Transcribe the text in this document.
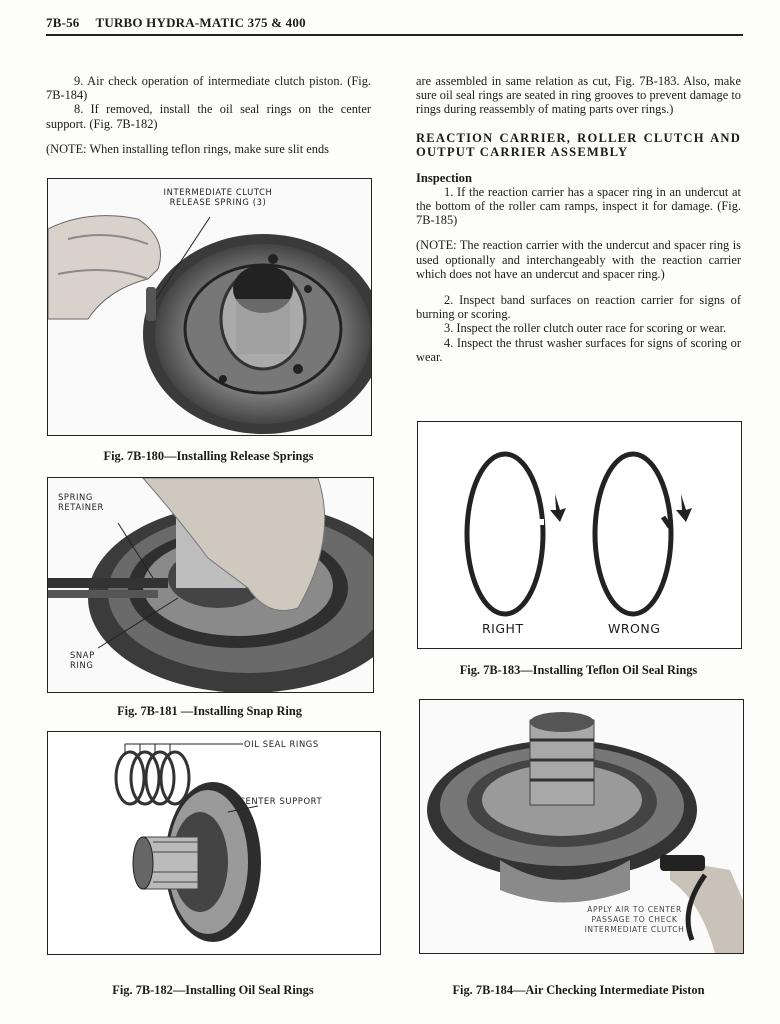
7B-56 TURBO HYDRA-MATIC 375 & 400

9. Air check operation of intermediate clutch piston. (Fig. 7B-184)

8. If removed, install the oil seal rings on the center support. (Fig. 7B-182)

(NOTE: When installing teflon rings, make sure slit ends

are assembled in same relation as cut, Fig. 7B-183. Also, make sure oil seal rings are seated in ring grooves to prevent damage to rings during reassembly of mating parts over rings.)

REACTION CARRIER, ROLLER CLUTCH AND OUTPUT CARRIER ASSEMBLY

Inspection

1. If the reaction carrier has a spacer ring in an undercut at the bottom of the roller cam ramps, inspect it for damage. (Fig. 7B-185)

(NOTE: The reaction carrier with the undercut and spacer ring is used optionally and interchangeably with the reaction carrier which does not have an undercut and spacer ring.)

2. Inspect band surfaces on reaction carrier for signs of burning or scoring.

3. Inspect the roller clutch outer race for scoring or wear.

4. Inspect the thrust washer surfaces for signs of scoring or wear.

INTERMEDIATE CLUTCH
RELEASE SPRING (3)
Fig. 7B-180—Installing Release Springs
SPRING
RETAINER
SNAP
RING
Fig. 7B-181 —Installing Snap Ring
OIL SEAL RINGS
CENTER SUPPORT
Fig. 7B-182—Installing Oil Seal Rings
RIGHT	WRONG
Fig. 7B-183—Installing Teflon Oil Seal Rings
APPLY AIR TO CENTER
PASSAGE TO CHECK
INTERMEDIATE CLUTCH
Fig. 7B-184—Air Checking Intermediate Piston
